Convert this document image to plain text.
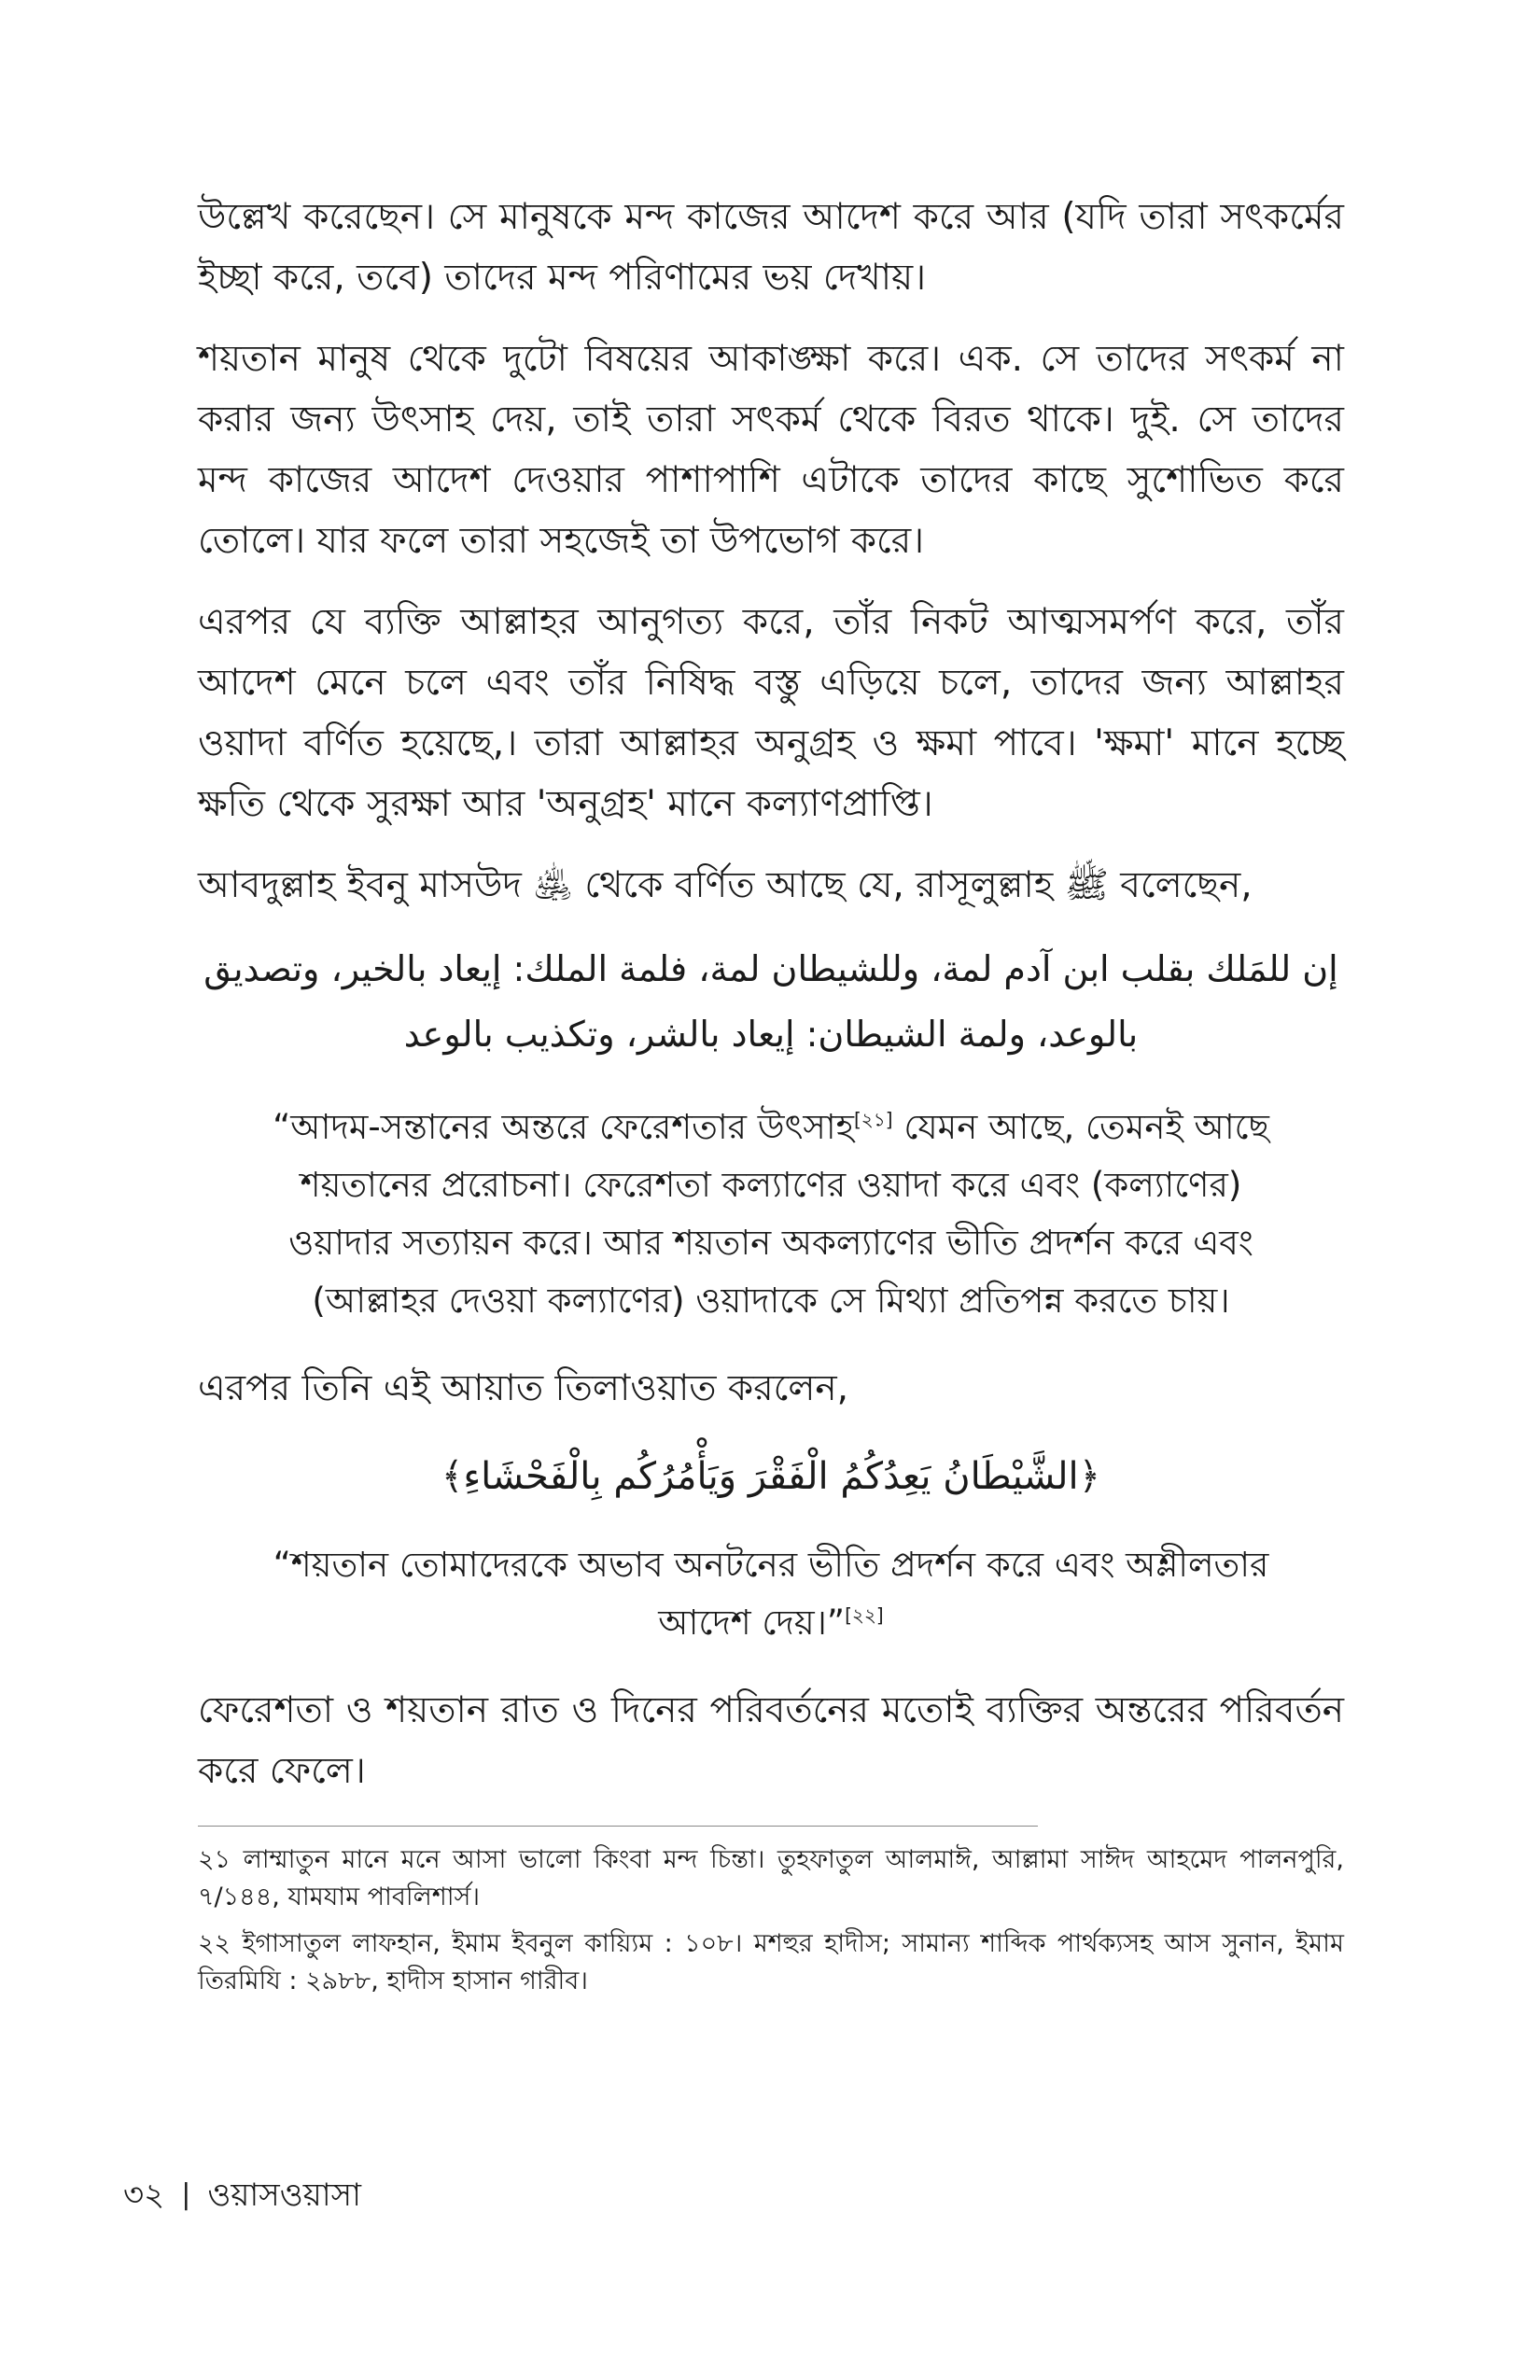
উল্লেখ করেছেন। সে মানুষকে মন্দ কাজের আদেশ করে আর (যদি তারা সৎকর্মের ইচ্ছা করে, তবে) তাদের মন্দ পরিণামের ভয় দেখায়।

শয়তান মানুষ থেকে দুটো বিষয়ের আকাঙ্ক্ষা করে। এক. সে তাদের সৎকর্ম না করার জন্য উৎসাহ দেয়, তাই তারা সৎকর্ম থেকে বিরত থাকে। দুই. সে তাদের মন্দ কাজের আদেশ দেওয়ার পাশাপাশি এটাকে তাদের কাছে সুশোভিত করে তোলে। যার ফলে তারা সহজেই তা উপভোগ করে।

এরপর যে ব্যক্তি আল্লাহর আনুগত্য করে, তাঁর নিকট আত্মসমর্পণ করে, তাঁর আদেশ মেনে চলে এবং তাঁর নিষিদ্ধ বস্তু এড়িয়ে চলে, তাদের জন্য আল্লাহর ওয়াদা বর্ণিত হয়েছে,। তারা আল্লাহর অনুগ্রহ ও ক্ষমা পাবে। 'ক্ষমা' মানে হচ্ছে ক্ষতি থেকে সুরক্ষা আর 'অনুগ্রহ' মানে কল্যাণপ্রাপ্তি।

আবদুল্লাহ ইবনু মাসউদ ﵁ থেকে বর্ণিত আছে যে, রাসূলুল্লাহ ﷺ বলেছেন,

إن للمَلك بقلب ابن آدم لمة، وللشيطان لمة، فلمة الملك: إيعاد بالخير، وتصديق بالوعد، ولمة الشيطان: إيعاد بالشر، وتكذيب بالوعد

“আদম-সন্তানের অন্তরে ফেরেশতার উৎসাহ[২১] যেমন আছে, তেমনই আছে শয়তানের প্ররোচনা। ফেরেশতা কল্যাণের ওয়াদা করে এবং (কল্যাণের) ওয়াদার সত্যায়ন করে। আর শয়তান অকল্যাণের ভীতি প্রদর্শন করে এবং (আল্লাহর দেওয়া কল্যাণের) ওয়াদাকে সে মিথ্যা প্রতিপন্ন করতে চায়।

এরপর তিনি এই আয়াত তিলাওয়াত করলেন,

﴿الشَّيْطَانُ يَعِدُكُمُ الْفَقْرَ وَيَأْمُرُكُم بِالْفَحْشَاءِ﴾

“শয়তান তোমাদেরকে অভাব অনটনের ভীতি প্রদর্শন করে এবং অশ্লীলতার আদেশ দেয়।”[২২]

ফেরেশতা ও শয়তান রাত ও দিনের পরিবর্তনের মতোই ব্যক্তির অন্তরের পরিবর্তন করে ফেলে।

২১ লাম্মাতুন মানে মনে আসা ভালো কিংবা মন্দ চিন্তা। তুহফাতুল আলমাঈ, আল্লামা সাঈদ আহমেদ পালনপুরি, ৭/১৪৪, যামযাম পাবলিশার্স।

২২ ইগাসাতুল লাফহান, ইমাম ইবনুল কায়্যিম : ১০৮। মশহুর হাদীস; সামান্য শাব্দিক পার্থক্যসহ আস সুনান, ইমাম তিরমিযি : ২৯৮৮, হাদীস হাসান গারীব।

৩২ | ওয়াসওয়াসা
